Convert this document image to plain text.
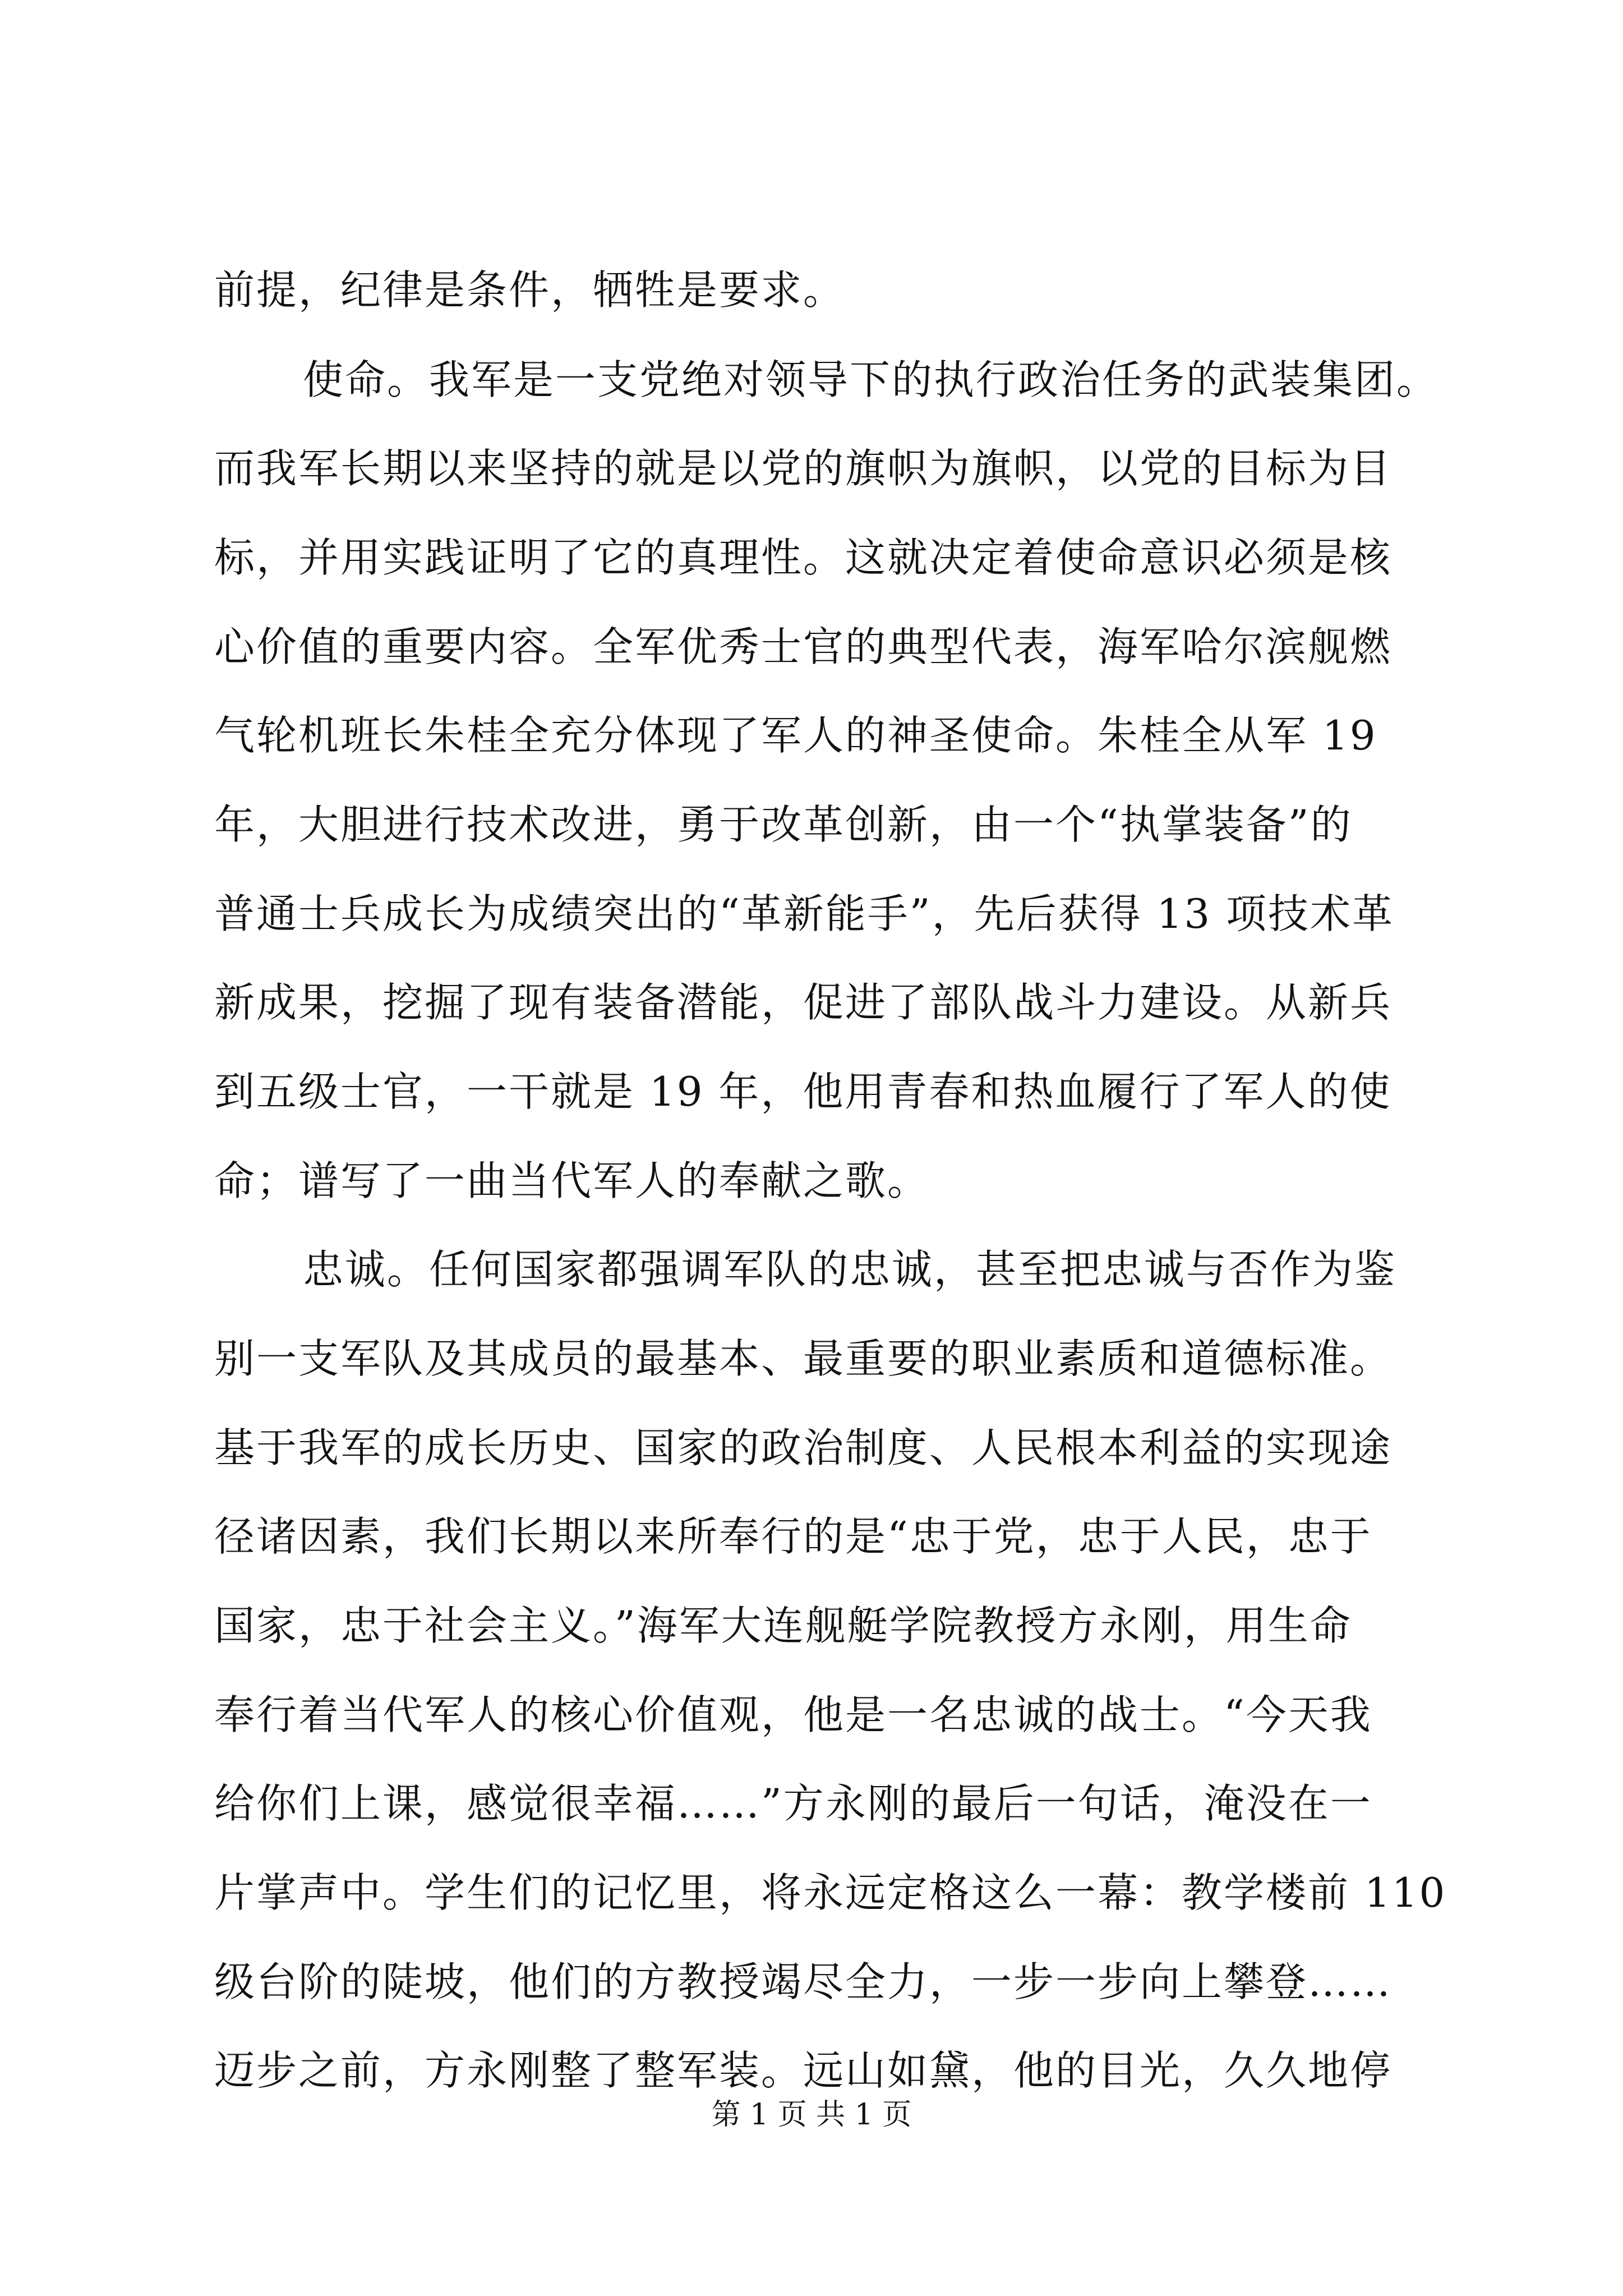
前提，纪律是条件，牺牲是要求。
使命。我军是一支党绝对领导下的执行政治任务的武装集团。
而我军长期以来坚持的就是以党的旗帜为旗帜，以党的目标为目
标，并用实践证明了它的真理性。这就决定着使命意识必须是核
心价值的重要内容。全军优秀士官的典型代表，海军哈尔滨舰燃
气轮机班长朱桂全充分体现了军人的神圣使命。朱桂全从军 19
年，大胆进行技术改进，勇于改革创新，由一个“执掌装备”的
普通士兵成长为成绩突出的“革新能手”，先后获得 13 项技术革
新成果，挖掘了现有装备潜能，促进了部队战斗力建设。从新兵
到五级士官，一干就是 19 年，他用青春和热血履行了军人的使
命；谱写了一曲当代军人的奉献之歌。
忠诚。任何国家都强调军队的忠诚，甚至把忠诚与否作为鉴
别一支军队及其成员的最基本、最重要的职业素质和道德标准。
基于我军的成长历史、国家的政治制度、人民根本利益的实现途
径诸因素，我们长期以来所奉行的是“忠于党，忠于人民，忠于
国家，忠于社会主义。”海军大连舰艇学院教授方永刚，用生命
奉行着当代军人的核心价值观，他是一名忠诚的战士。“今天我
给你们上课，感觉很幸福……”方永刚的最后一句话，淹没在一
片掌声中。学生们的记忆里，将永远定格这么一幕：教学楼前 110
级台阶的陡坡，他们的方教授竭尽全力，一步一步向上攀登……
迈步之前，方永刚整了整军装。远山如黛，他的目光，久久地停
第 1 页 共 1 页
